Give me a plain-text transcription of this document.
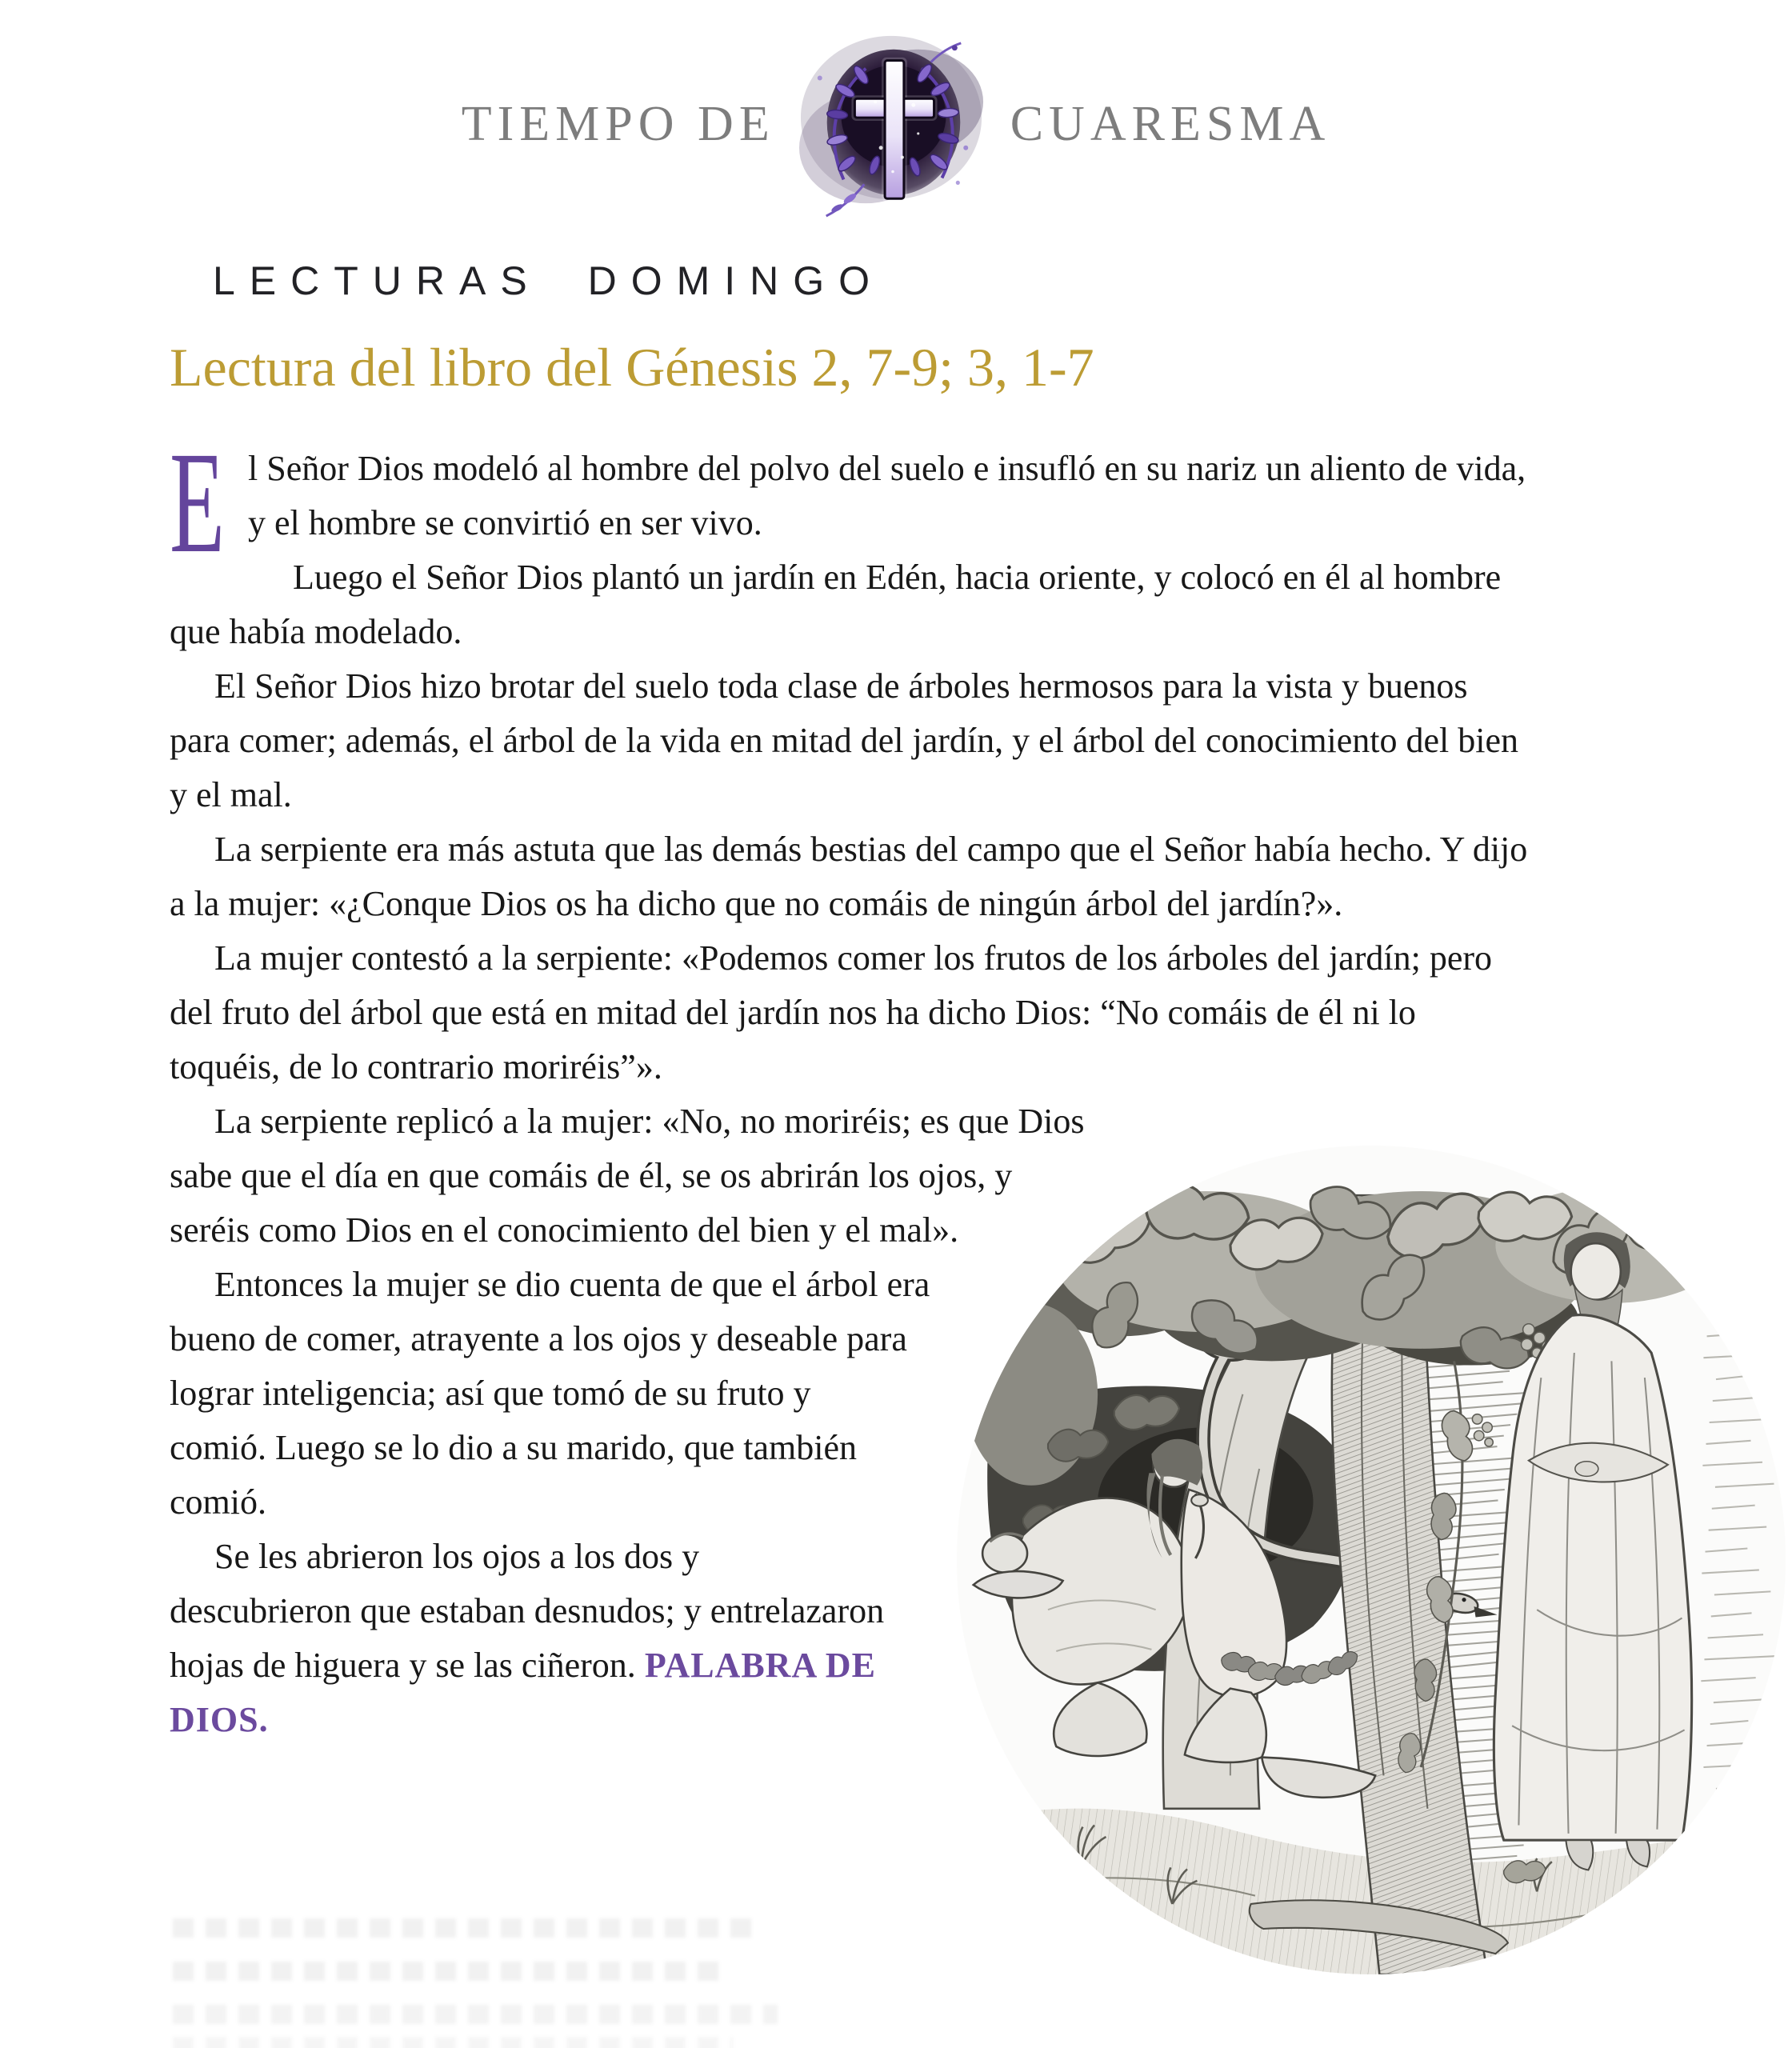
TIEMPO DE	CUARESMA
LECTURAS DOMINGO
Lectura del libro del Génesis 2, 7-9; 3, 1-7

E l Señor Dios modeló al hombre del polvo del suelo e insufló en su nariz un aliento de vida, y el hombre se convirtió en ser vivo.

Luego el Señor Dios plantó un jardín en Edén, hacia oriente, y colocó en él al hombre que había modelado.

El Señor Dios hizo brotar del suelo toda clase de árboles hermosos para la vista y buenos para comer; además, el árbol de la vida en mitad del jardín, y el árbol del conocimiento del bien y el mal.

La serpiente era más astuta que las demás bestias del campo que el Señor había hecho. Y dijo a la mujer: «¿Conque Dios os ha dicho que no comáis de ningún árbol del jardín?».

La mujer contestó a la serpiente: «Podemos comer los frutos de los árboles del jardín; pero del fruto del árbol que está en mitad del jardín nos ha dicho Dios: “No comáis de él ni lo toquéis, de lo contrario moriréis”».

La serpiente replicó a la mujer: «No, no moriréis; es que Dios sabe que el día en que comáis de él, se os abrirán los ojos, y seréis como Dios en el conocimiento del bien y el mal».

Entonces la mujer se dio cuenta de que el árbol era bueno de comer, atrayente a los ojos y deseable para lograr inteligencia; así que tomó de su fruto y comió. Luego se lo dio a su marido, que también comió.

Se les abrieron los ojos a los dos y descubrieron que estaban desnudos; y entrelazaron hojas de higuera y se las ciñeron. PALABRA DE DIOS.
